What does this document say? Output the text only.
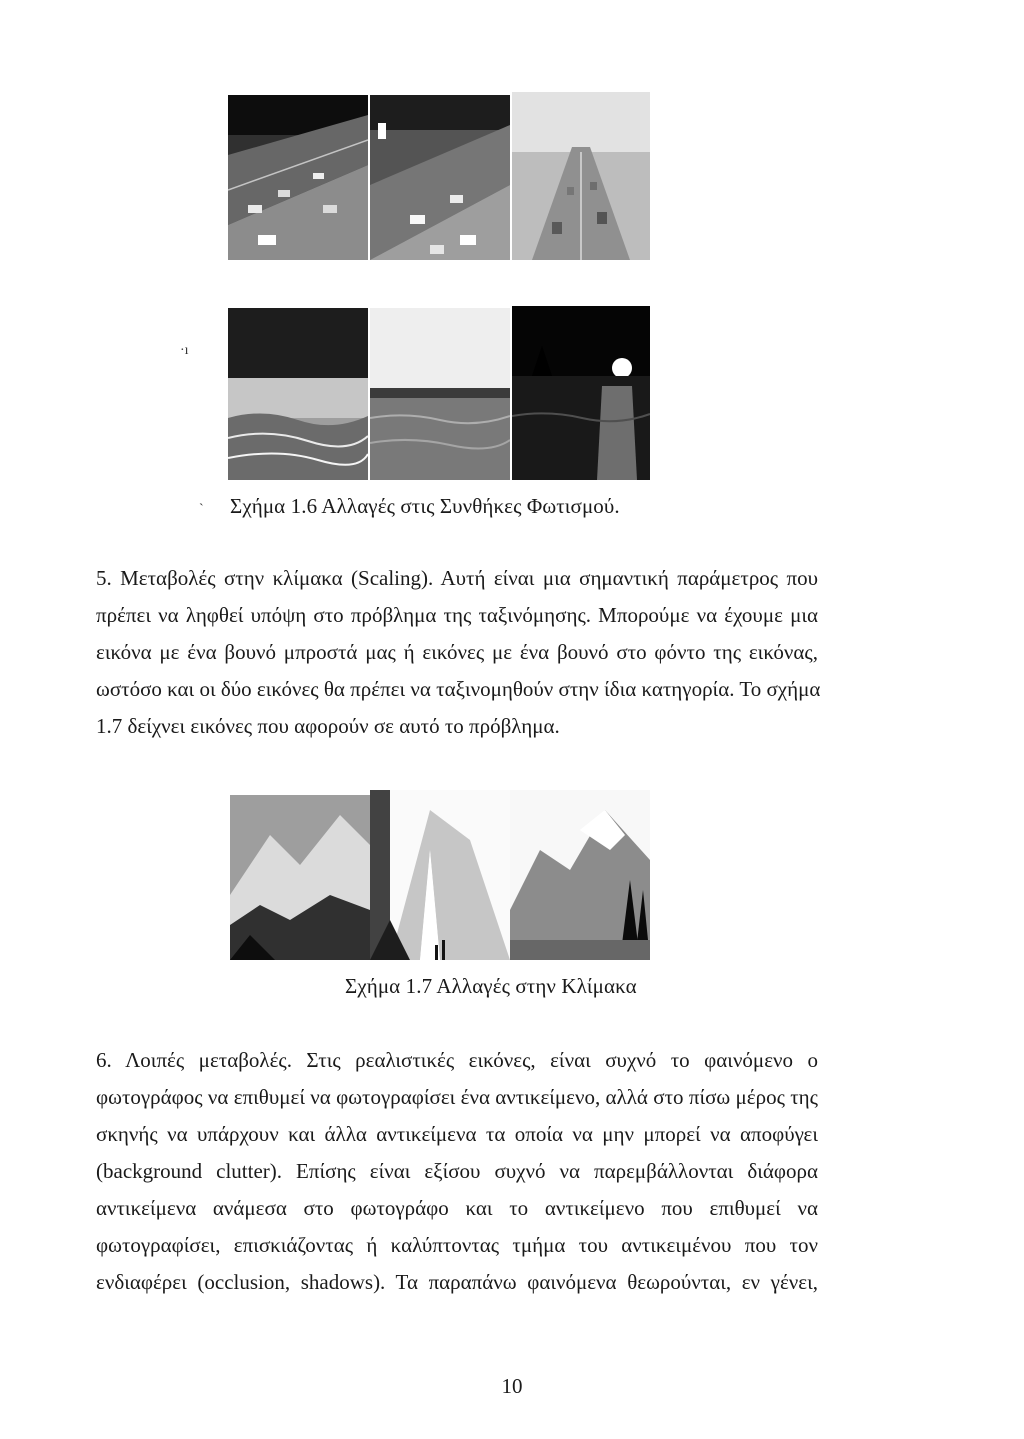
·ı
` Σχήμα 1.6 Αλλαγές στις Συνθήκες Φωτισμού.

5. Μεταβολές στην κλίμακα (Scaling). Αυτή είναι μια σημαντική παράμετρος που
πρέπει να ληφθεί υπόψη στο πρόβλημα της ταξινόμησης. Μπορούμε να έχουμε μια
εικόνα με ένα βουνό μπροστά μας ή εικόνες με ένα βουνό στο φόντο της εικόνας,
ωστόσο και οι δύο εικόνες θα πρέπει να ταξινομηθούν στην ίδια κατηγορία. Το σχήμα
1.7 δείχνει εικόνες που αφορούν σε αυτό το πρόβλημα.

Σχήμα 1.7 Αλλαγές στην Κλίμακα

6. Λοιπές μεταβολές. Στις ρεαλιστικές εικόνες, είναι συχνό το φαινόμενο ο
φωτογράφος να επιθυμεί να φωτογραφίσει ένα αντικείμενο, αλλά στο πίσω μέρος της
σκηνής να υπάρχουν και άλλα αντικείμενα τα οποία να μην μπορεί να αποφύγει
(background clutter). Επίσης είναι εξίσου συχνό να παρεμβάλλονται διάφορα
αντικείμενα ανάμεσα στο φωτογράφο και το αντικείμενο που επιθυμεί να
φωτογραφίσει, επισκιάζοντας ή καλύπτοντας τμήμα του αντικειμένου που τον
ενδιαφέρει (occlusion, shadows). Τα παραπάνω φαινόμενα θεωρούνται, εν γένει,

10
